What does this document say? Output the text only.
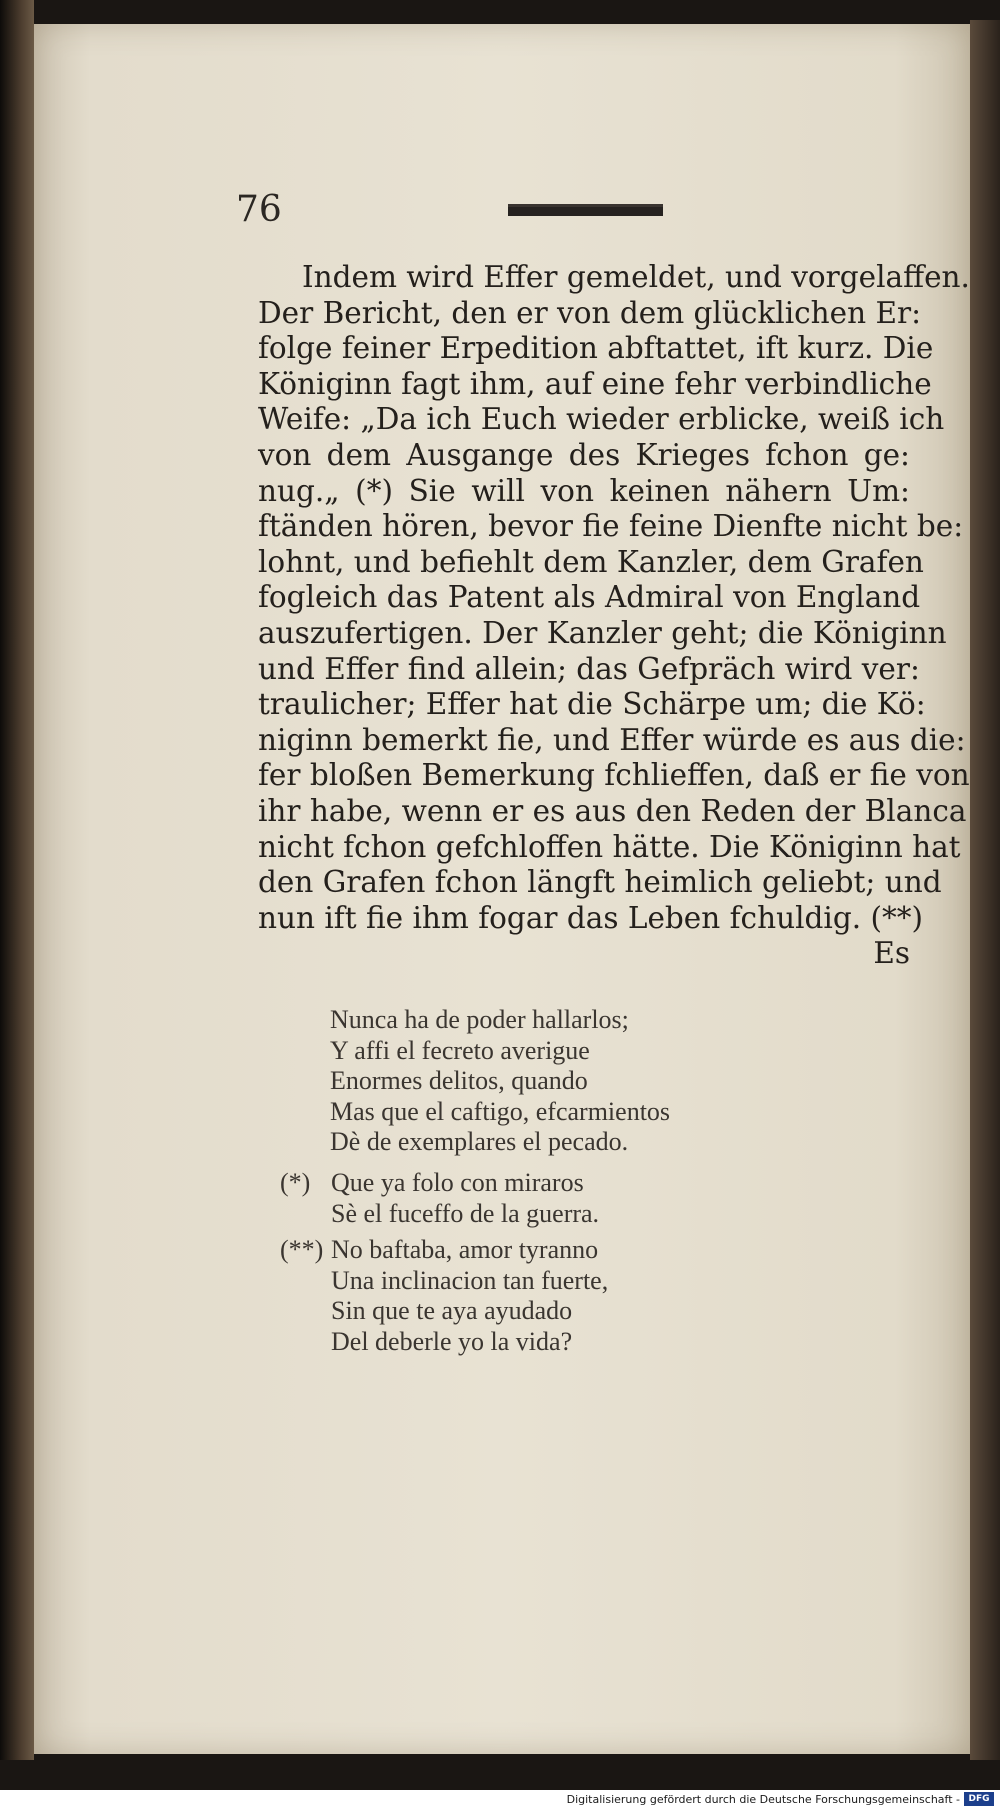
76
Indem wird Effer gemeldet, und vorgelaffen.
Der Bericht, den er von dem glücklichen Er:
folge feiner Erpedition abftattet, ift kurz. Die
Königinn fagt ihm, auf eine fehr verbindliche
Weife: „Da ich Euch wieder erblicke, weiß ich
von dem Ausgange des Krieges fchon ge:
nug.„ (*) Sie will von keinen nähern Um:
ftänden hören, bevor fie feine Dienfte nicht be:
lohnt, und befiehlt dem Kanzler, dem Grafen
fogleich das Patent als Admiral von England
auszufertigen. Der Kanzler geht; die Königinn
und Effer find allein; das Gefpräch wird ver:
traulicher; Effer hat die Schärpe um; die Kö:
niginn bemerkt fie, und Effer würde es aus die:
fer bloßen Bemerkung fchlieffen, daß er fie von
ihr habe, wenn er es aus den Reden der Blanca
nicht fchon gefchloffen hätte. Die Königinn hat
den Grafen fchon längft heimlich geliebt; und
nun ift fie ihm fogar das Leben fchuldig. (**)
Es
Nunca ha de poder hallarlos;
Y affi el fecreto averigue
Enormes delitos, quando
Mas que el caftigo, efcarmientos
Dè de exemplares el pecado.
(*) Que ya folo con miraros
Sè el fuceffo de la guerra.
(**) No baftaba, amor tyranno
Una inclinacion tan fuerte,
Sin que te aya ayudado
Del deberle yo la vida?
Digitalisierung gefördert durch die Deutsche Forschungsgemeinschaft - DFG
